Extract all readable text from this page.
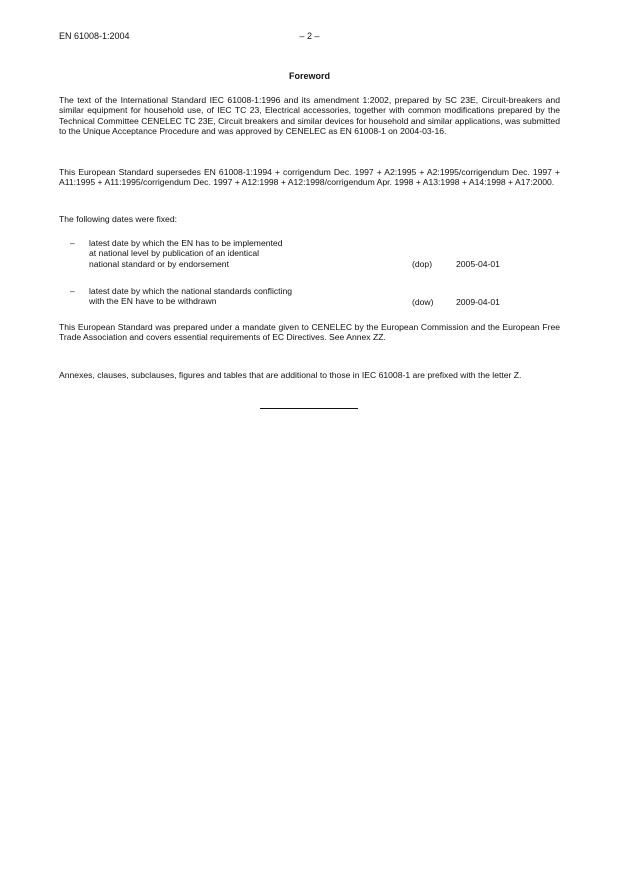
EN 61008-1:2004	– 2 –
Foreword

The text of the International Standard IEC 61008-1:1996 and its amendment 1:2002, prepared by SC 23E, Circuit-breakers and similar equipment for household use, of IEC TC 23, Electrical accessories, together with common modifications prepared by the Technical Committee CENELEC TC 23E, Circuit breakers and similar devices for household and similar applications, was submitted to the Unique Acceptance Procedure and was approved by CENELEC as EN 61008-1 on 2004-03-16.

This European Standard supersedes EN 61008-1:1994 + corrigendum Dec. 1997 + A2:1995 + A2:1995/corrigendum Dec. 1997 + A11:1995 + A11:1995/corrigendum Dec. 1997 + A12:1998 + A12:1998/corrigendum Apr. 1998 + A13:1998 + A14:1998 + A17:2000.

The following dates were fixed:

– latest date by which the EN has to be implemented
at national level by publication of an identical
national standard or by endorsement	(dop)	2005-04-01
– latest date by which the national standards conflicting
with the EN have to be withdrawn	(dow)	2009-04-01

This European Standard was prepared under a mandate given to CENELEC by the European Commission and the European Free Trade Association and covers essential requirements of EC Directives. See Annex ZZ.

Annexes, clauses, subclauses, figures and tables that are additional to those in IEC 61008-1 are prefixed with the letter Z.
